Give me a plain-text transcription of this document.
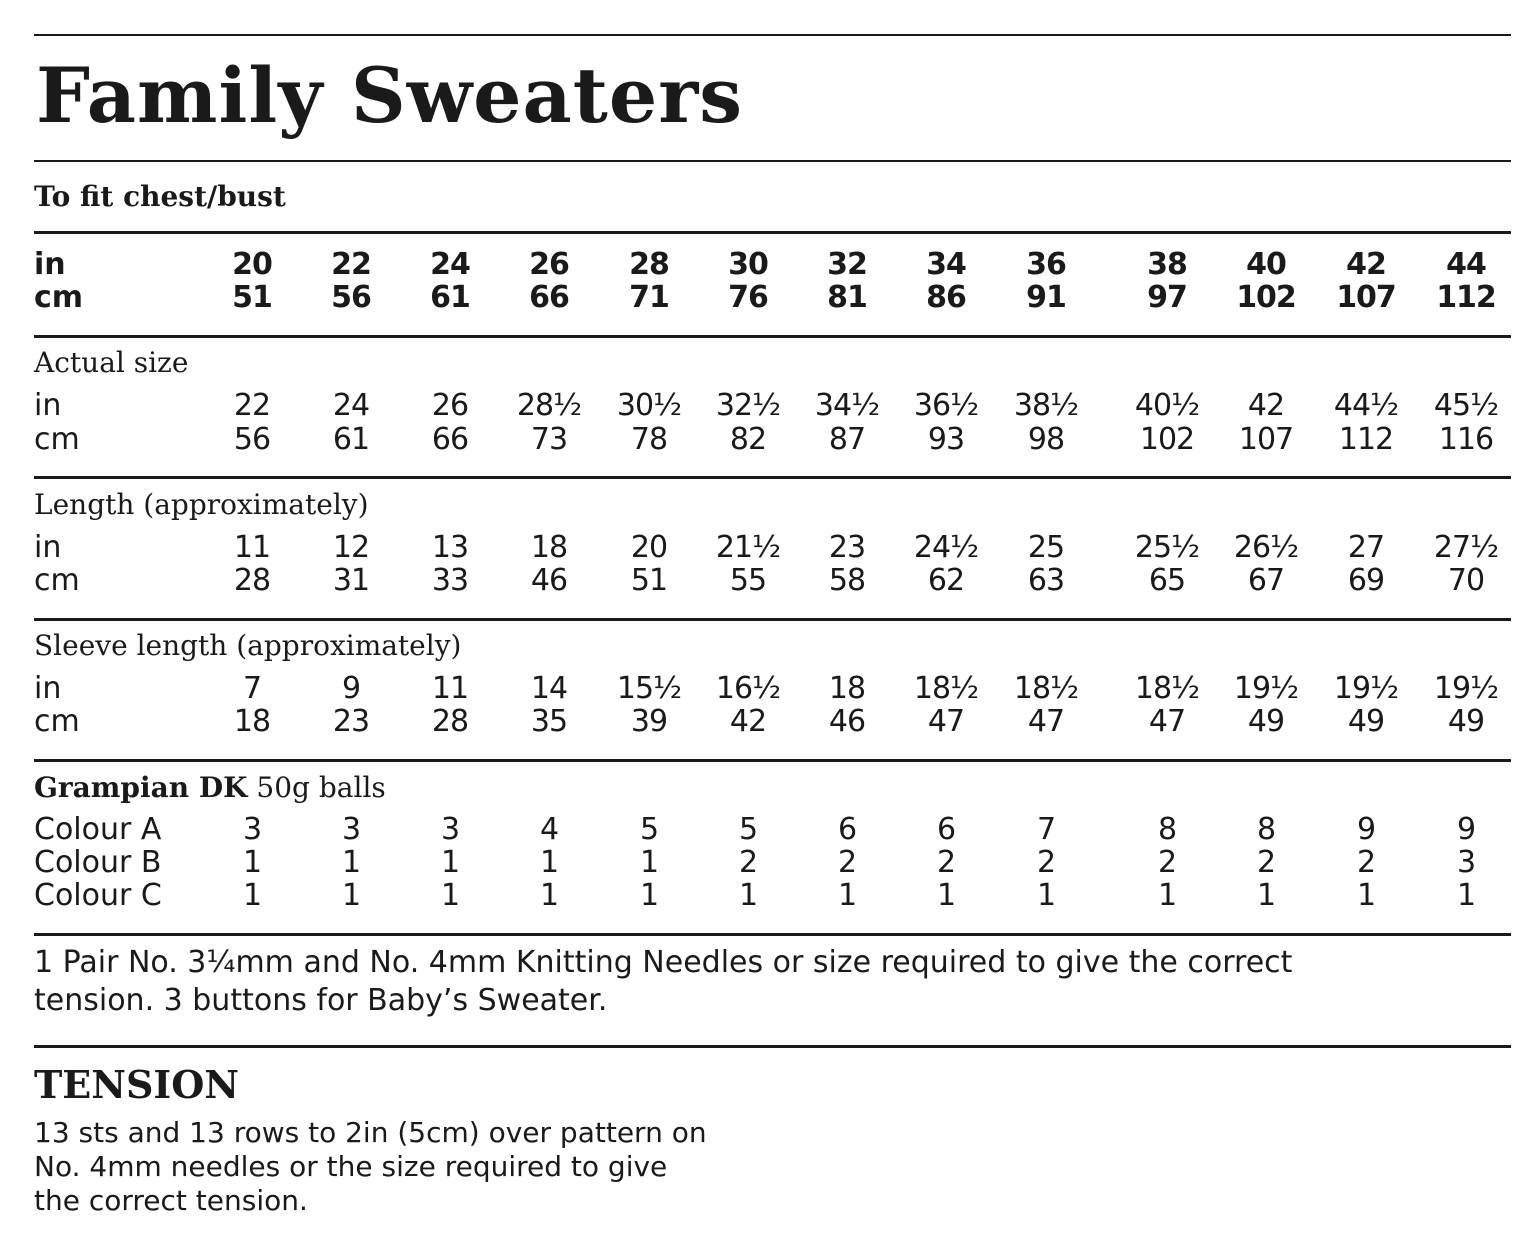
Family Sweaters
To fit chest/bust
in	20	22	24	26	28	30	32	34	36	38	40	42	44
cm	51	56	61	66	71	76	81	86	91	97	102	107	112
Actual size
in	22	24	26	28½	30½	32½	34½	36½	38½	40½	42	44½	45½
cm	56	61	66	73	78	82	87	93	98	102	107	112	116
Length (approximately)
in	11	12	13	18	20	21½	23	24½	25	25½	26½	27	27½
cm	28	31	33	46	51	55	58	62	63	65	67	69	70
Sleeve length (approximately)
in	7	9	11	14	15½	16½	18	18½	18½	18½	19½	19½	19½
cm	18	23	28	35	39	42	46	47	47	47	49	49	49
Grampian DK 50g balls
Colour A	3	3	3	4	5	5	6	6	7	8	8	9	9
Colour B	1	1	1	1	1	2	2	2	2	2	2	2	3
Colour C	1	1	1	1	1	1	1	1	1	1	1	1	1
1 Pair No. 3¼mm and No. 4mm Knitting Needles or size required to give the correct
tension. 3 buttons for Baby’s Sweater.
TENSION
13 sts and 13 rows to 2in (5cm) over pattern on
No. 4mm needles or the size required to give
the correct tension.
